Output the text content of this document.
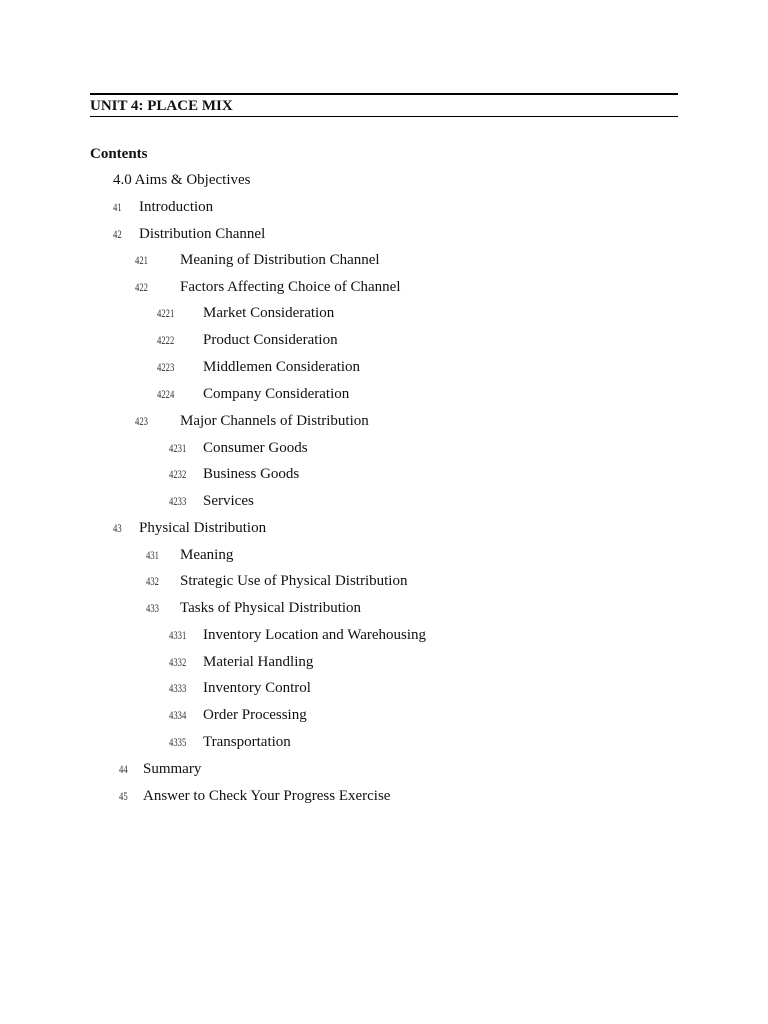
UNIT 4: PLACE MIX
Contents
4.0 Aims & Objectives
41 Introduction
42 Distribution Channel
421 Meaning of Distribution Channel
422 Factors Affecting Choice of Channel
4221 Market Consideration
4222 Product Consideration
4223 Middlemen Consideration
4224 Company Consideration
423 Major Channels of Distribution
4231 Consumer Goods
4232 Business Goods
4233 Services
43 Physical Distribution
431 Meaning
432 Strategic Use of Physical Distribution
433 Tasks of Physical Distribution
4331 Inventory Location and Warehousing
4332 Material Handling
4333 Inventory Control
4334 Order Processing
4335 Transportation
44 Summary
45 Answer to Check Your Progress Exercise
